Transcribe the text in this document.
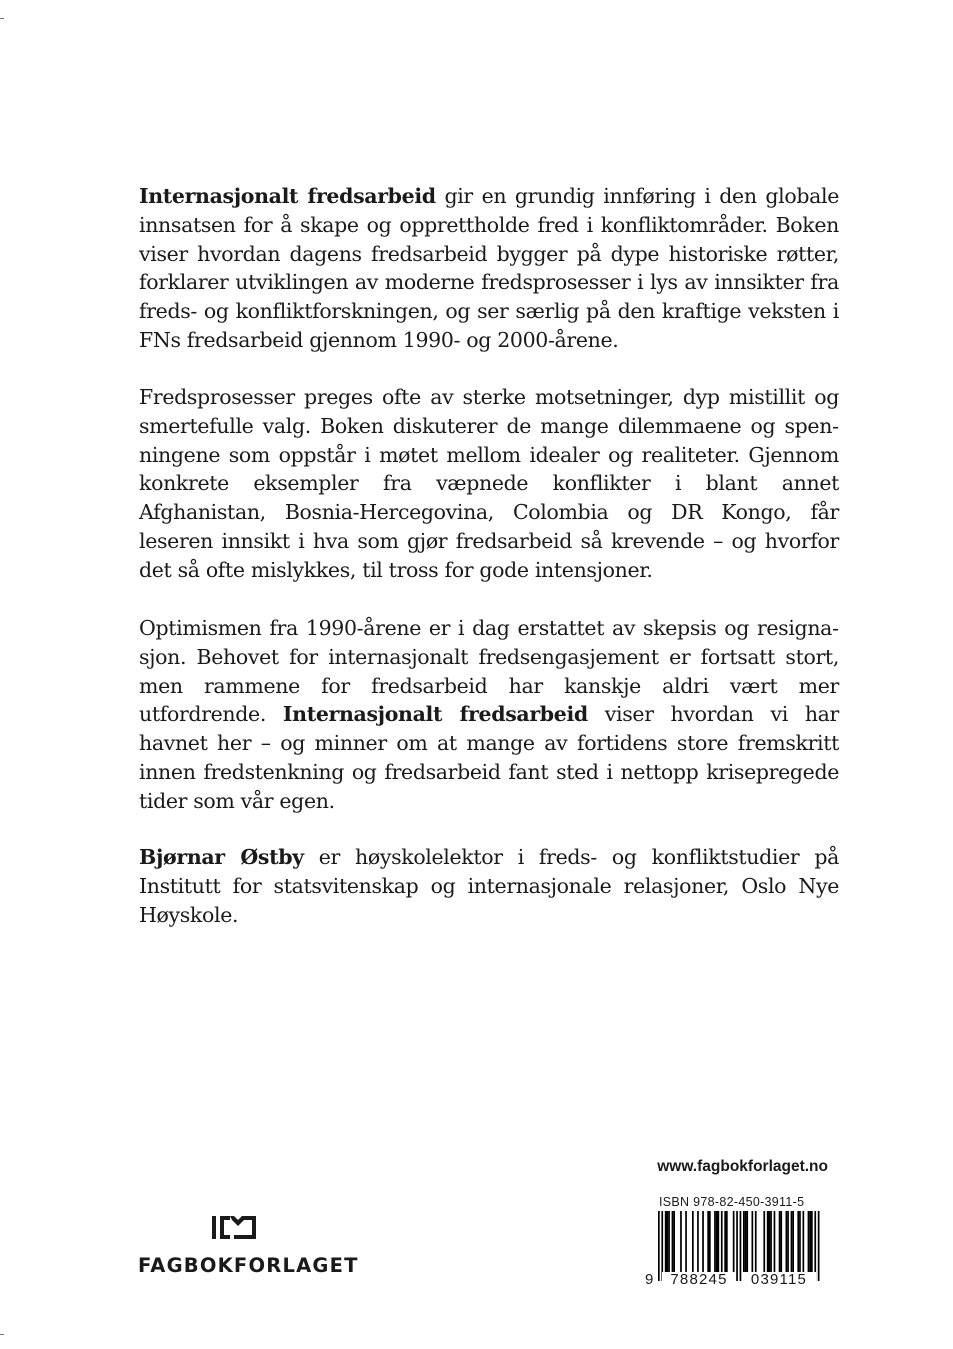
Internasjonalt fredsarbeid gir en grundig innføring i den globale innsatsen for å skape og opprettholde fred i konfliktområder. Boken viser hvordan dagens fredsarbeid bygger på dype historiske røtter, forklarer utviklingen av moderne fredsprosesser i lys av innsikter fra freds- og konfliktforskningen, og ser særlig på den kraftige veksten i FNs fredsarbeid gjennom 1990- og 2000-årene.

Fredsprosesser preges ofte av sterke motsetninger, dyp mistillit og smertefulle valg. Boken diskuterer de mange dilemmaene og spenningene som oppstår i møtet mellom idealer og realiteter. Gjennom konkrete eksempler fra væpnede konflikter i blant annet Afghanistan, Bosnia-Hercegovina, Colombia og DR Kongo, får leseren innsikt i hva som gjør fredsarbeid så krevende – og hvorfor det så ofte mislykkes, til tross for gode intensjoner.

Optimismen fra 1990-årene er i dag erstattet av skepsis og resignasjon. Behovet for internasjonalt fredsengasjement er fortsatt stort, men rammene for fredsarbeid har kanskje aldri vært mer utfordrende. Internasjonalt fredsarbeid viser hvordan vi har havnet her – og minner om at mange av fortidens store fremskritt innen fredstenkning og fredsarbeid fant sted i nettopp krisepregede tider som vår egen.

Bjørnar Østby er høyskolelektor i freds- og konfliktstudier på Institutt for statsvitenskap og internasjonale relasjoner, Oslo Nye Høyskole.

www.fagbokforlaget.no
ISBN 978-82-450-3911-5
9	788245	039115
FAGBOKFORLAGET
